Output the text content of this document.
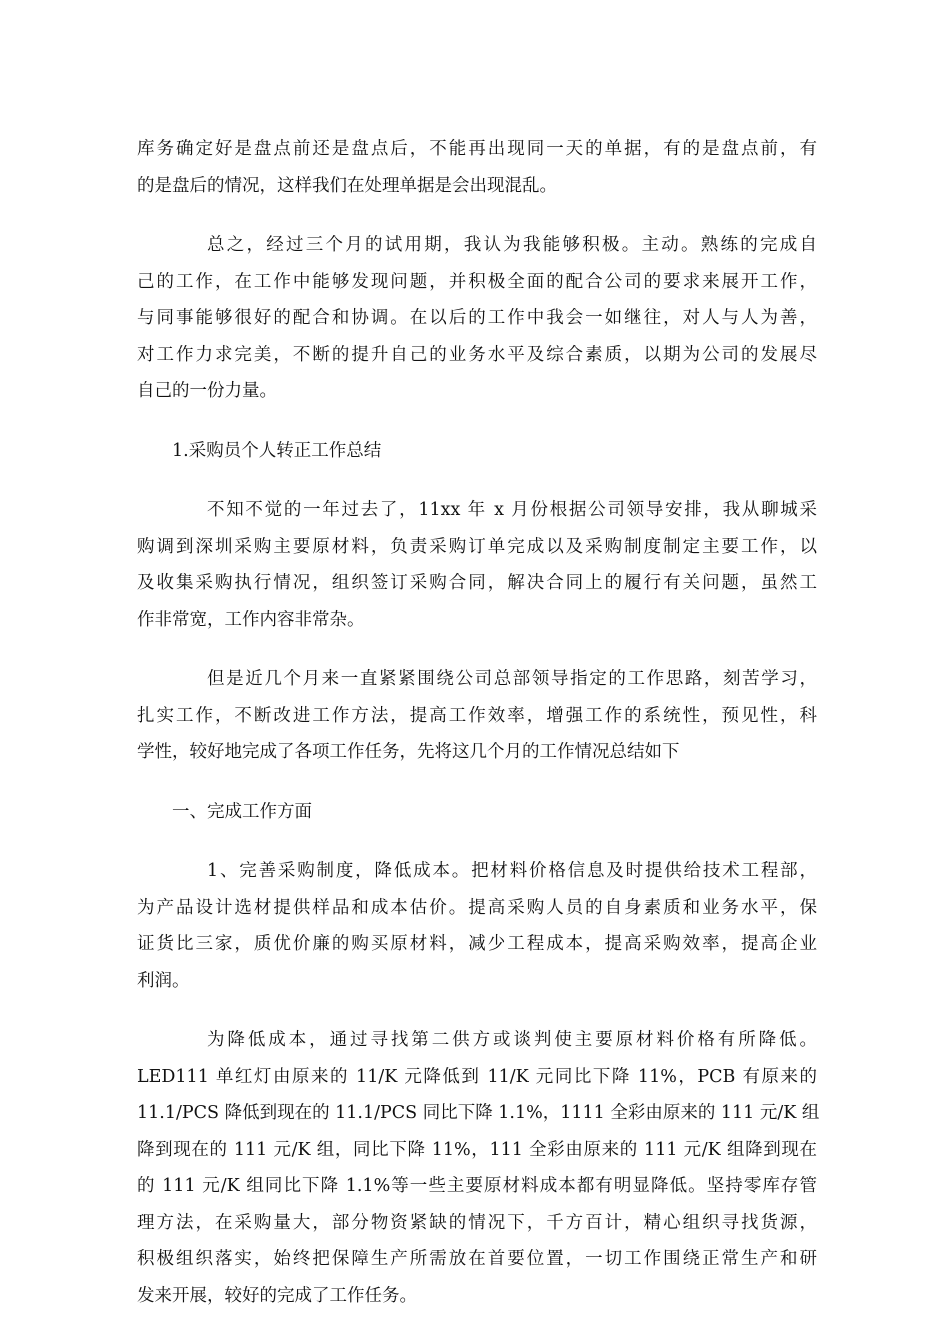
库务确定好是盘点前还是盘点后，不能再出现同一天的单据，有的是盘点前，有
的是盘后的情况，这样我们在处理单据是会出现混乱。

总之，经过三个月的试用期，我认为我能够积极。主动。熟练的完成自
己的工作，在工作中能够发现问题，并积极全面的配合公司的要求来展开工作，
与同事能够很好的配合和协调。在以后的工作中我会一如继往，对人与人为善，
对工作力求完美，不断的提升自己的业务水平及综合素质，以期为公司的发展尽
自己的一份力量。

1.采购员个人转正工作总结

不知不觉的一年过去了，11xx 年 x 月份根据公司领导安排，我从聊城采
购调到深圳采购主要原材料，负责采购订单完成以及采购制度制定主要工作，以
及收集采购执行情况，组织签订采购合同，解决合同上的履行有关问题，虽然工
作非常宽，工作内容非常杂。

但是近几个月来一直紧紧围绕公司总部领导指定的工作思路，刻苦学习，
扎实工作，不断改进工作方法，提高工作效率，增强工作的系统性，预见性，科
学性，较好地完成了各项工作任务，先将这几个月的工作情况总结如下

一、完成工作方面

1、完善采购制度，降低成本。把材料价格信息及时提供给技术工程部，
为产品设计选材提供样品和成本估价。提高采购人员的自身素质和业务水平，保
证货比三家，质优价廉的购买原材料，减少工程成本，提高采购效率，提高企业
利润。

为降低成本，通过寻找第二供方或谈判使主要原材料价格有所降低。
LED111 单红灯由原来的 11/K 元降低到 11/K 元同比下降 11%，PCB 有原来的
11.1/PCS 降低到现在的 11.1/PCS 同比下降 1.1%，1111 全彩由原来的 111 元/K 组
降到现在的 111 元/K 组，同比下降 11%，111 全彩由原来的 111 元/K 组降到现在
的 111 元/K 组同比下降 1.1%等一些主要原材料成本都有明显降低。坚持零库存管
理方法，在采购量大，部分物资紧缺的情况下，千方百计，精心组织寻找货源，
积极组织落实，始终把保障生产所需放在首要位置，一切工作围绕正常生产和研
发来开展，较好的完成了工作任务。
